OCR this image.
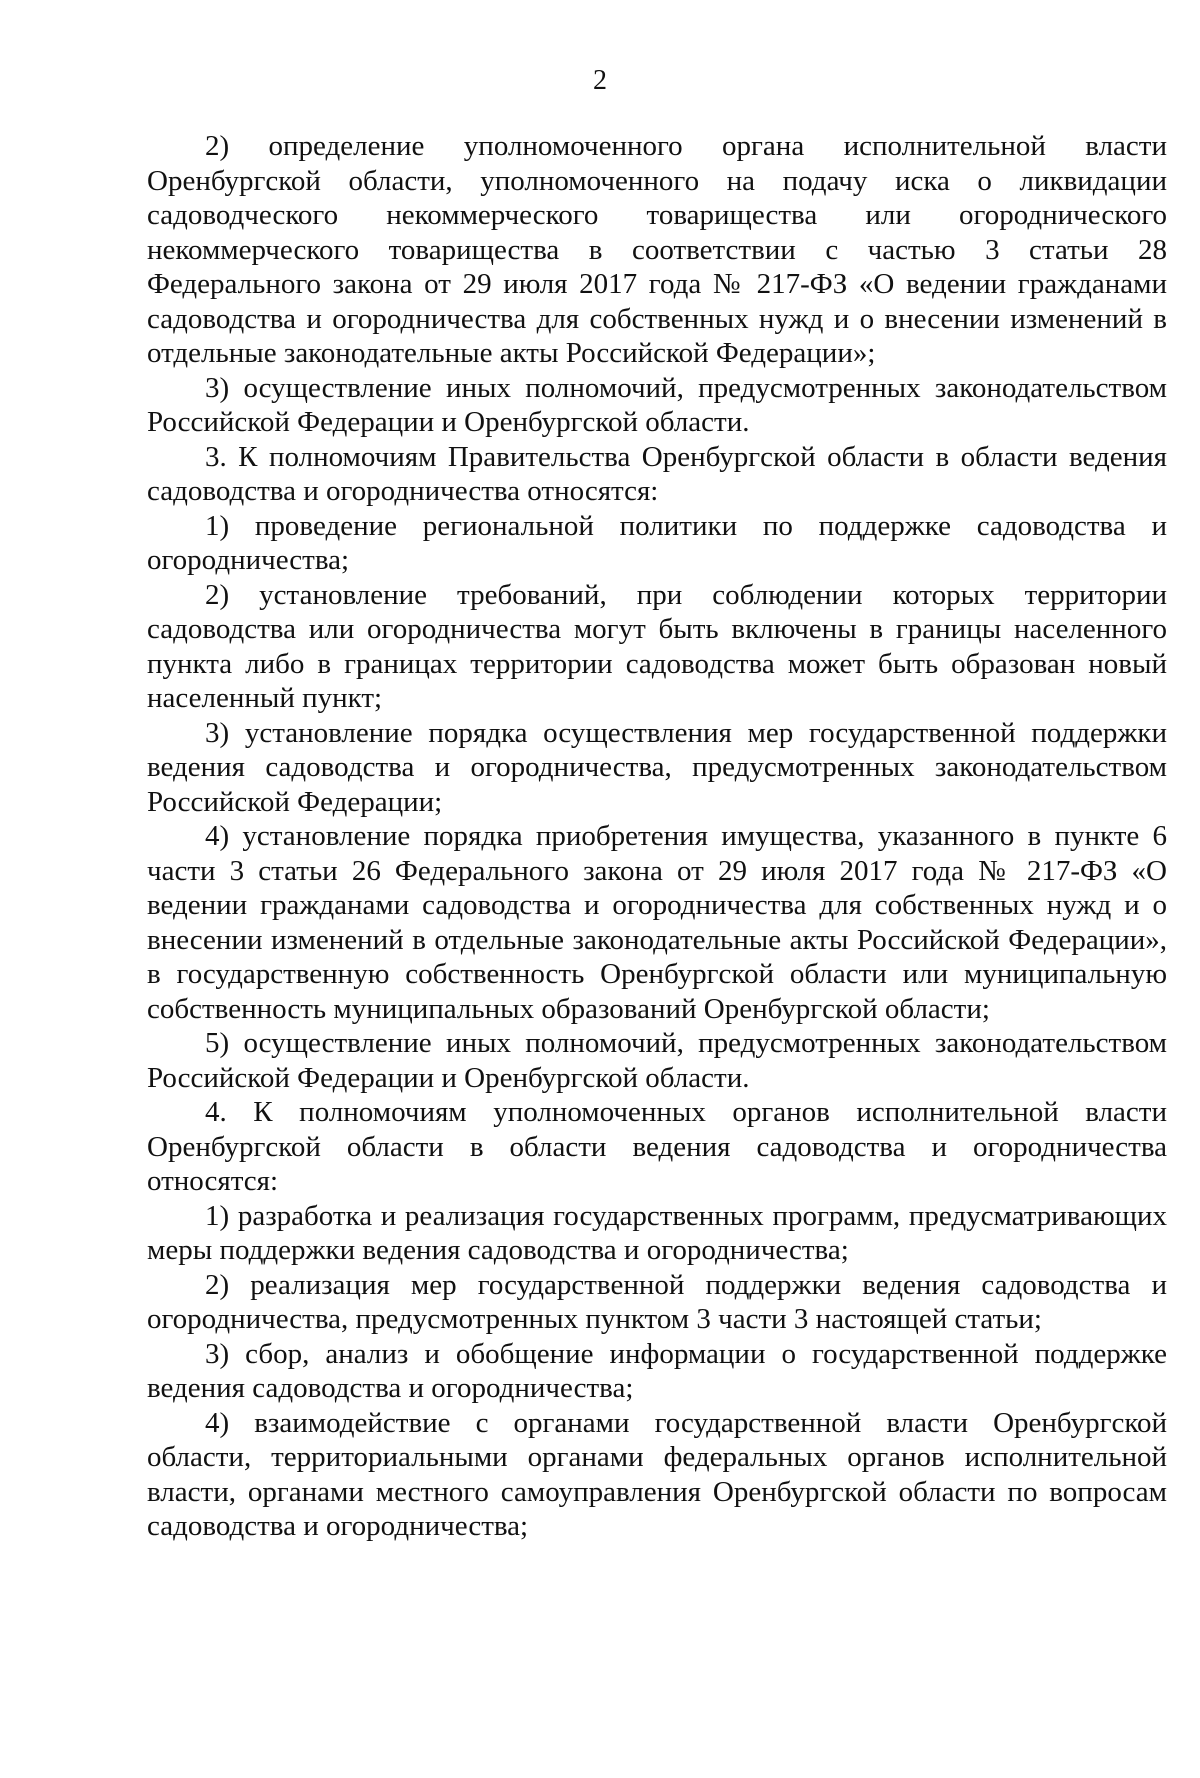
2

2) определение уполномоченного органа исполнительной власти Оренбургской области, уполномоченного на подачу иска о ликвидации садоводческого некоммерческого товарищества или огороднического некоммерческого товарищества в соответствии с частью 3 статьи 28 Федерального закона от 29 июля 2017 года № 217-ФЗ «О ведении гражданами садоводства и огородничества для собственных нужд и о внесении изменений в отдельные законодательные акты Российской Федерации»;

3) осуществление иных полномочий, предусмотренных законодательством Российской Федерации и Оренбургской области.

3. К полномочиям Правительства Оренбургской области в области ведения садоводства и огородничества относятся:

1) проведение региональной политики по поддержке садоводства и огородничества;

2) установление требований, при соблюдении которых территории садоводства или огородничества могут быть включены в границы населенного пункта либо в границах территории садоводства может быть образован новый населенный пункт;

3) установление порядка осуществления мер государственной поддержки ведения садоводства и огородничества, предусмотренных законодательством Российской Федерации;

4) установление порядка приобретения имущества, указанного в пункте 6 части 3 статьи 26 Федерального закона от 29 июля 2017 года № 217-ФЗ «О ведении гражданами садоводства и огородничества для собственных нужд и о внесении изменений в отдельные законодательные акты Российской Федерации», в государственную собственность Оренбургской области или муниципальную собственность муниципальных образований Оренбургской области;

5) осуществление иных полномочий, предусмотренных законодательством Российской Федерации и Оренбургской области.

4. К полномочиям уполномоченных органов исполнительной власти Оренбургской области в области ведения садоводства и огородничества относятся:

1) разработка и реализация государственных программ, предусматривающих меры поддержки ведения садоводства и огородничества;

2) реализация мер государственной поддержки ведения садоводства и огородничества, предусмотренных пунктом 3 части 3 настоящей статьи;

3) сбор, анализ и обобщение информации о государственной поддержке ведения садоводства и огородничества;

4) взаимодействие с органами государственной власти Оренбургской области, территориальными органами федеральных органов исполнительной власти, органами местного самоуправления Оренбургской области по вопросам садоводства и огородничества;
